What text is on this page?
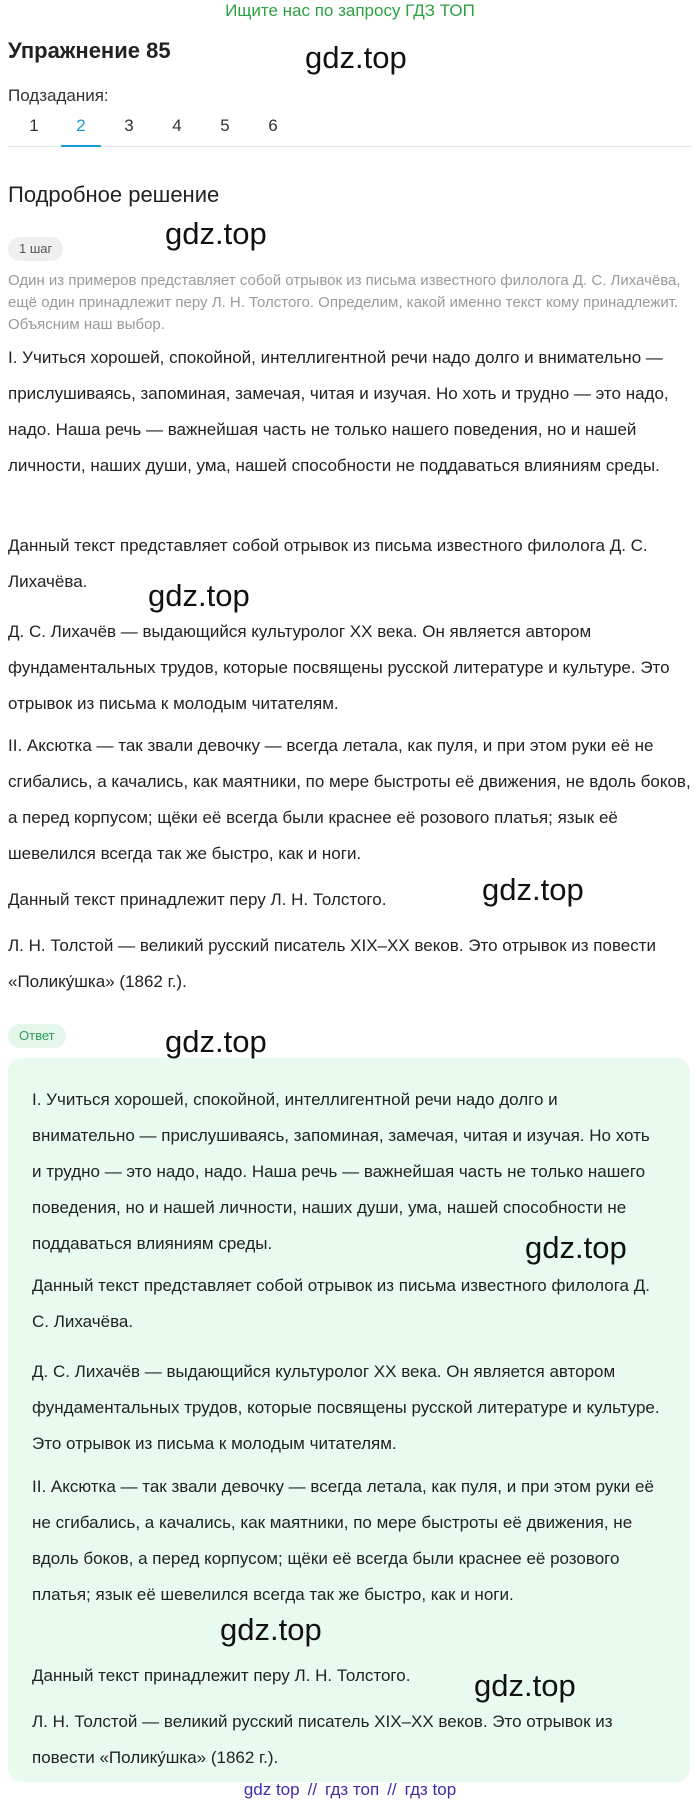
Ищите нас по запросу ГДЗ ТОП
Упражнение 85
Подзадания:
1	2	3	4	5	6
Подробное решение
1 шаг
Один из примеров представляет собой отрывок из письма известного филолога Д. С. Лихачёва, ещё один принадлежит перу Л. Н. Толстого. Определим, какой именно текст кому принадлежит. Объясним наш выбор.
I. Учиться хорошей, спокойной, интеллигентной речи надо долго и внимательно — прислушиваясь, запоминая, замечая, читая и изучая. Но хоть и трудно — это надо, надо. Наша речь — важнейшая часть не только нашего поведения, но и нашей личности, наших души, ума, нашей способности не поддаваться влияниям среды.
Данный текст представляет собой отрывок из письма известного филолога Д. С. Лихачёва.
Д. С. Лихачёв — выдающийся культуролог XX века. Он является автором фундаментальных трудов, которые посвящены русской литературе и культуре. Это отрывок из письма к молодым читателям.
II. Аксютка — так звали девочку — всегда летала, как пуля, и при этом руки её не сгибались, а качались, как маятники, по мере быстроты её движения, не вдоль боков, а перед корпусом; щёки её всегда были краснее её розового платья; язык её шевелился всегда так же быстро, как и ноги.
Данный текст принадлежит перу Л. Н. Толстого.
Л. Н. Толстой — великий русский писатель XIX–XX веков. Это отрывок из повести «Полику́шка» (1862 г.).
Ответ
I. Учиться хорошей, спокойной, интеллигентной речи надо долго и внимательно — прислушиваясь, запоминая, замечая, читая и изучая. Но хоть и трудно — это надо, надо. Наша речь — важнейшая часть не только нашего поведения, но и нашей личности, наших души, ума, нашей способности не поддаваться влияниям среды.
Данный текст представляет собой отрывок из письма известного филолога Д. С. Лихачёва.
Д. С. Лихачёв — выдающийся культуролог XX века. Он является автором фундаментальных трудов, которые посвящены русской литературе и культуре. Это отрывок из письма к молодым читателям.
II. Аксютка — так звали девочку — всегда летала, как пуля, и при этом руки её не сгибались, а качались, как маятники, по мере быстроты её движения, не вдоль боков, а перед корпусом; щёки её всегда были краснее её розового платья; язык её шевелился всегда так же быстро, как и ноги.
Данный текст принадлежит перу Л. Н. Толстого.
Л. Н. Толстой — великий русский писатель XIX–XX веков. Это отрывок из повести «Полику́шка» (1862 г.).
gdz.top
gdz.top
gdz.top
gdz.top
gdz.top
gdz.top
gdz.top
gdz.top
gdz top // гдз топ // гдз top
